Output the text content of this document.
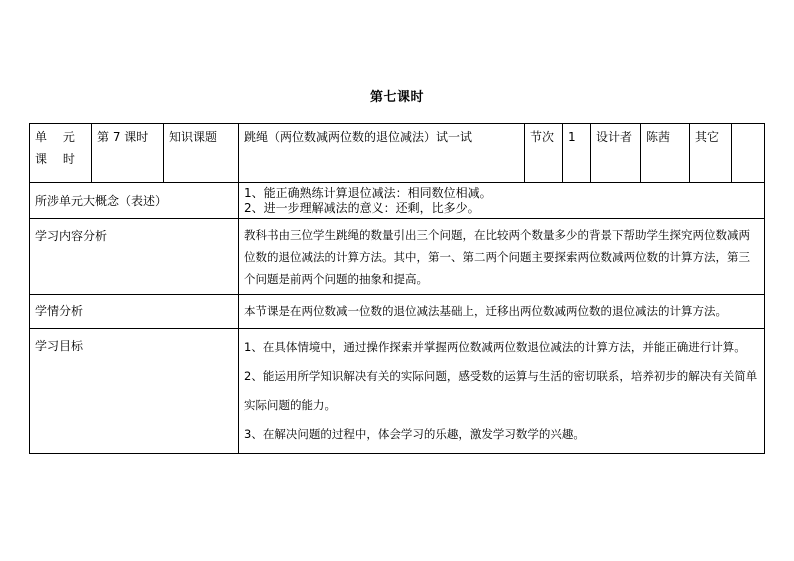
第七课时
单 元 课 时	第 7 课时	知识课题	跳绳（两位数减两位数的退位减法）试一试	节次	1	设计者	陈茜	其它	
所涉单元大概念（表述）			1、能正确熟练计算退位减法：相同数位相减。
2、进一步理解减法的意义：还剩，比多少。						

学习内容分析			教科书由三位学生跳绳的数量引出三个问题，在比较两个数量多少的背景下帮助学生探究两位数减两位数的退位减法的计算方法。其中，第一、第二两个问题主要探索两位数减两位数的计算方法，第三个问题是前两个问题的抽象和提高。						
学情分析			本节课是在两位数减一位数的退位减法基础上，迁移出两位数减两位数的退位减法的计算方法。						
学习目标			1、在具体情境中，通过操作探索并掌握两位数减两位数退位减法的计算方法，并能正确进行计算。

2、能运用所学知识解决有关的实际问题，感受数的运算与生活的密切联系，培养初步的解决有关简单实际问题的能力。

3、在解决问题的过程中，体会学习的乐趣，激发学习数学的兴趣。						
